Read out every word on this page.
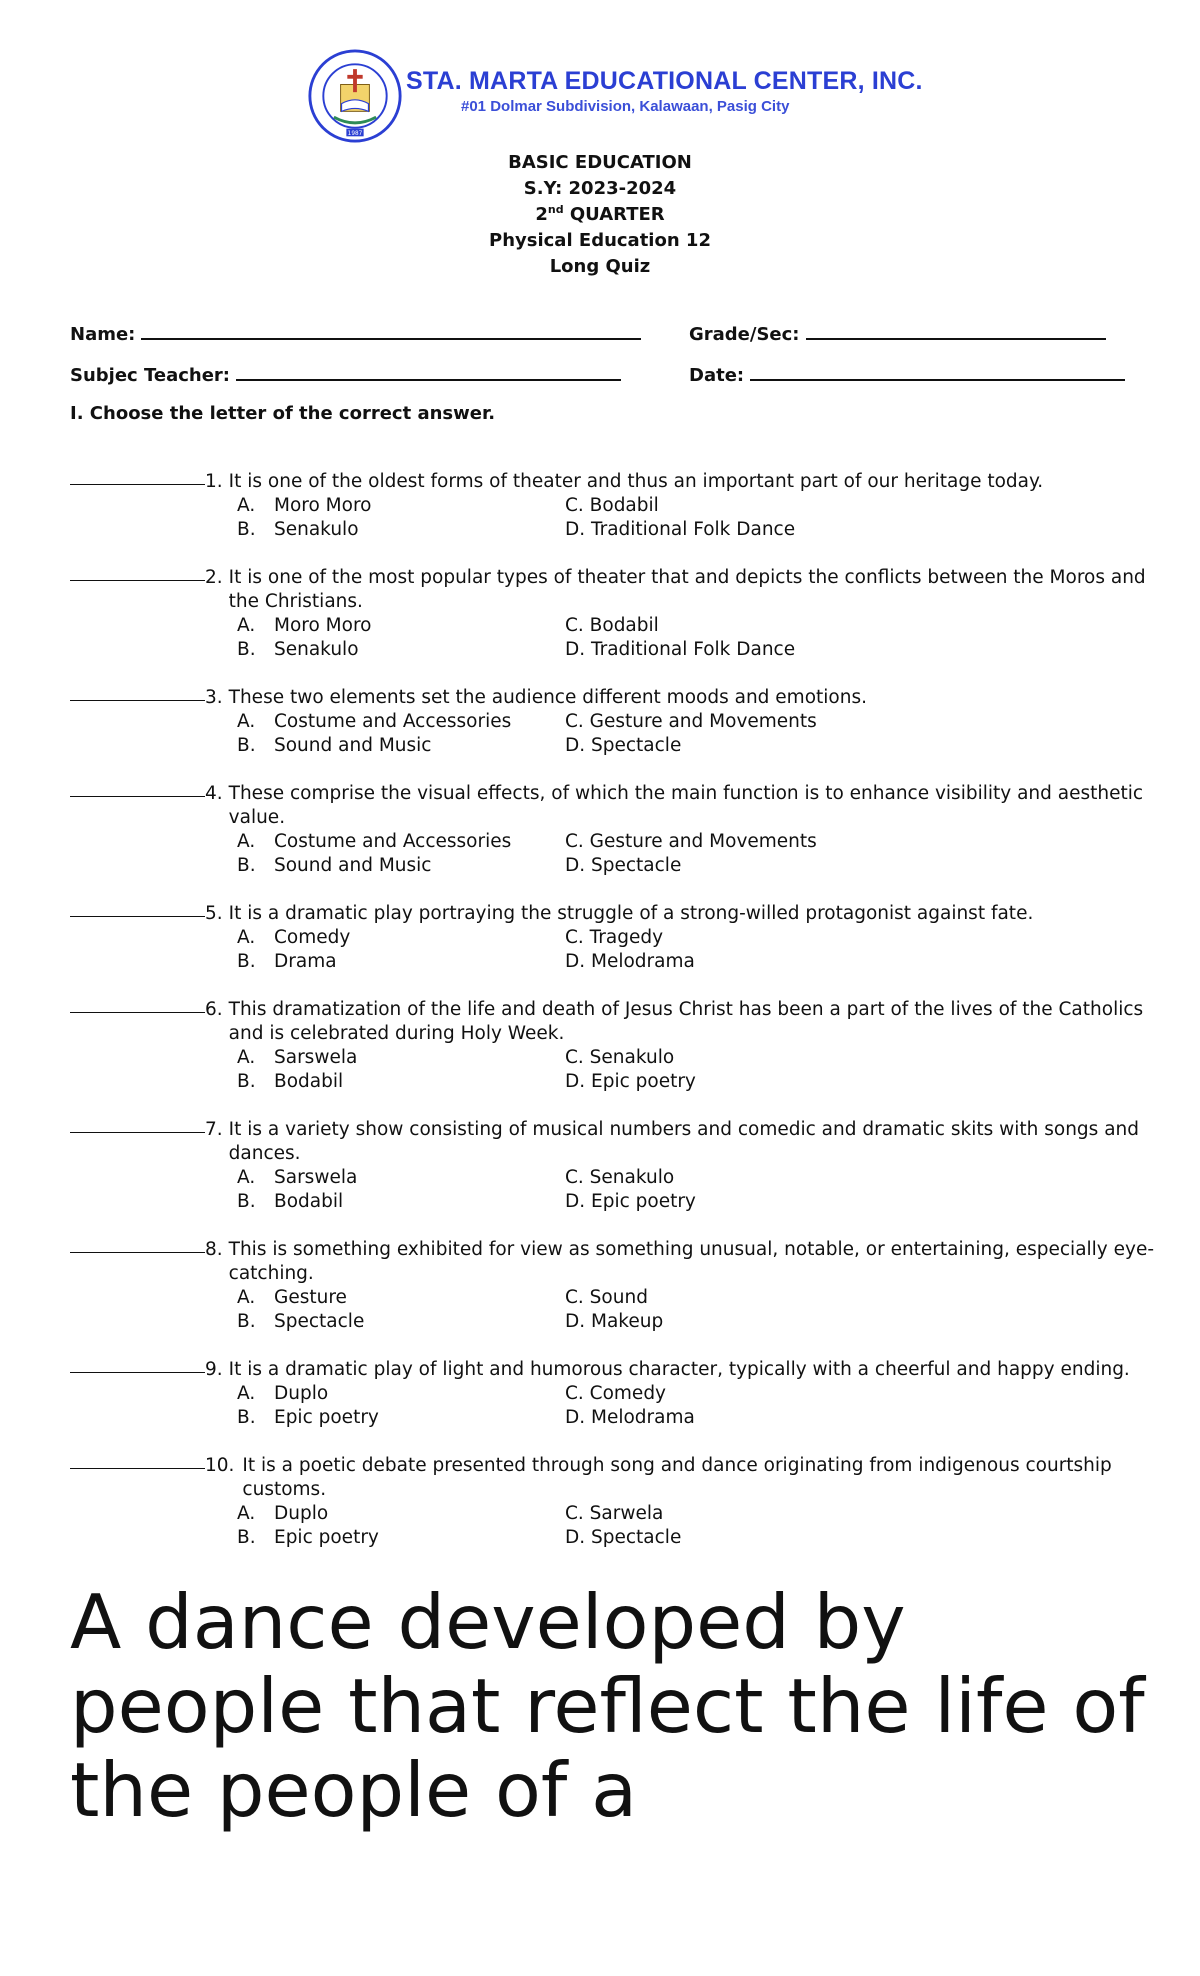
1987
STA. MARTA EDUCATIONAL CENTER, INC.
#01 Dolmar Subdivision, Kalawaan, Pasig City
BASIC EDUCATION
S.Y: 2023-2024
2nd QUARTER
Physical Education 12
Long Quiz
Name:	Grade/Sec:
Subjec Teacher:	Date:
I. Choose the letter of the correct answer.
1. It is one of the oldest forms of theater and thus an important part of our heritage today.
A. Moro Moro	C. Bodabil
B. Senakulo	D. Traditional Folk Dance
2. It is one of the most popular types of theater that and depicts the conflicts between the Moros and the Christians.
A. Moro Moro	C. Bodabil
B. Senakulo	D. Traditional Folk Dance
3. These two elements set the audience different moods and emotions.
A. Costume and Accessories	C. Gesture and Movements
B. Sound and Music	D. Spectacle
4. These comprise the visual effects, of which the main function is to enhance visibility and aesthetic value.
A. Costume and Accessories	C. Gesture and Movements
B. Sound and Music	D. Spectacle
5. It is a dramatic play portraying the struggle of a strong-willed protagonist against fate.
A. Comedy	C. Tragedy
B. Drama	D. Melodrama
6. This dramatization of the life and death of Jesus Christ has been a part of the lives of the Catholics and is celebrated during Holy Week.
A. Sarswela	C. Senakulo
B. Bodabil	D. Epic poetry
7. It is a variety show consisting of musical numbers and comedic and dramatic skits with songs and dances.
A. Sarswela	C. Senakulo
B. Bodabil	D. Epic poetry
8. This is something exhibited for view as something unusual, notable, or entertaining, especially eye-catching.
A. Gesture	C. Sound
B. Spectacle	D. Makeup
9. It is a dramatic play of light and humorous character, typically with a cheerful and happy ending.
A. Duplo	C. Comedy
B. Epic poetry	D. Melodrama
10. It is a poetic debate presented through song and dance originating from indigenous courtship customs.
A. Duplo	C. Sarwela
B. Epic poetry	D. Spectacle
A dance developed by people that reflect the life of the people of a
